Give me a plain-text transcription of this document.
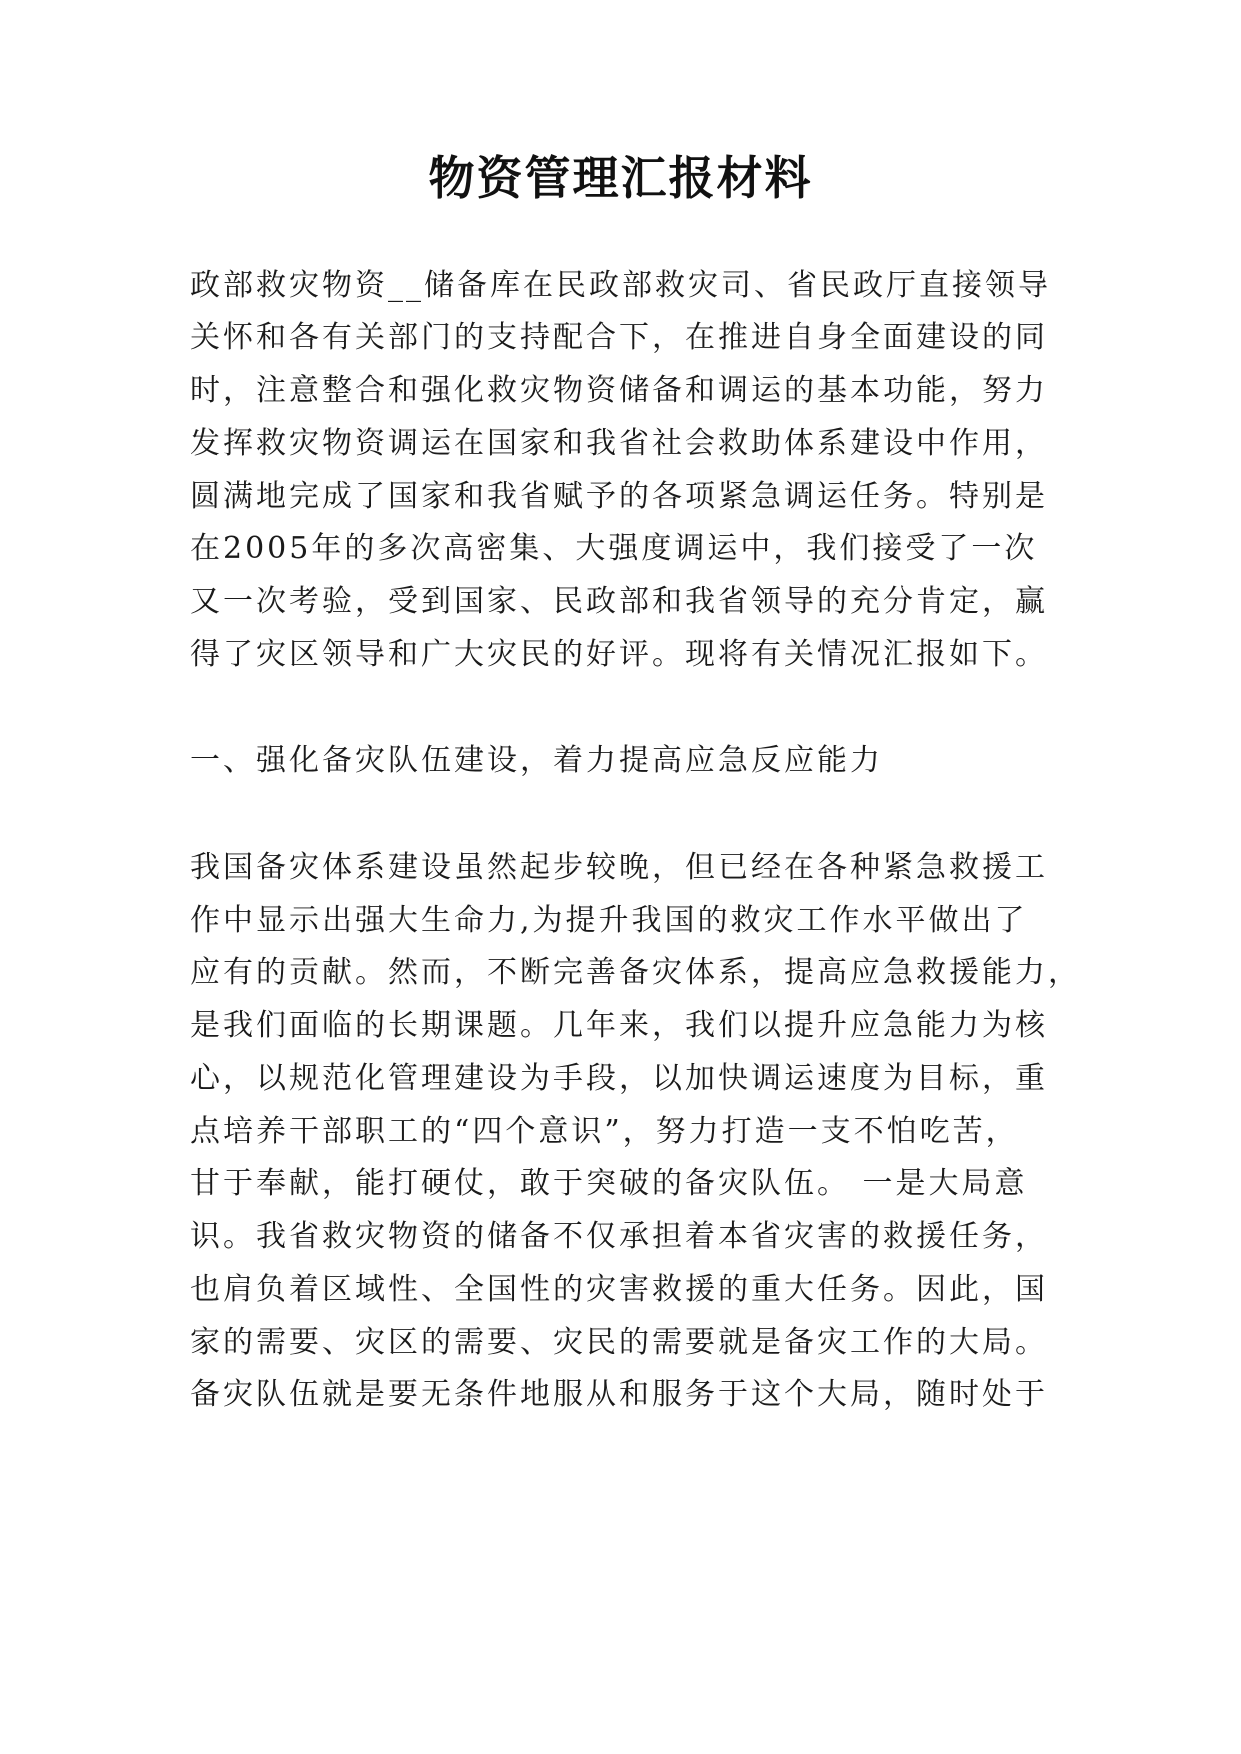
物资管理汇报材料
政部救灾物资__储备库在民政部救灾司、省民政厅直接领导
关怀和各有关部门的支持配合下，在推进自身全面建设的同
时，注意整合和强化救灾物资储备和调运的基本功能，努力
发挥救灾物资调运在国家和我省社会救助体系建设中作用，
圆满地完成了国家和我省赋予的各项紧急调运任务。特别是
在2005年的多次高密集、大强度调运中，我们接受了一次
又一次考验，受到国家、民政部和我省领导的充分肯定，赢
得了灾区领导和广大灾民的好评。现将有关情况汇报如下。
一、强化备灾队伍建设，着力提高应急反应能力
我国备灾体系建设虽然起步较晚，但已经在各种紧急救援工
作中显示出强大生命力,为提升我国的救灾工作水平做出了
应有的贡献。然而，不断完善备灾体系，提高应急救援能力，
是我们面临的长期课题。几年来，我们以提升应急能力为核
心，以规范化管理建设为手段，以加快调运速度为目标，重
点培养干部职工的“四个意识”，努力打造一支不怕吃苦，
甘于奉献，能打硬仗，敢于突破的备灾队伍。 一是大局意
识。我省救灾物资的储备不仅承担着本省灾害的救援任务，
也肩负着区域性、全国性的灾害救援的重大任务。因此，国
家的需要、灾区的需要、灾民的需要就是备灾工作的大局。
备灾队伍就是要无条件地服从和服务于这个大局，随时处于
